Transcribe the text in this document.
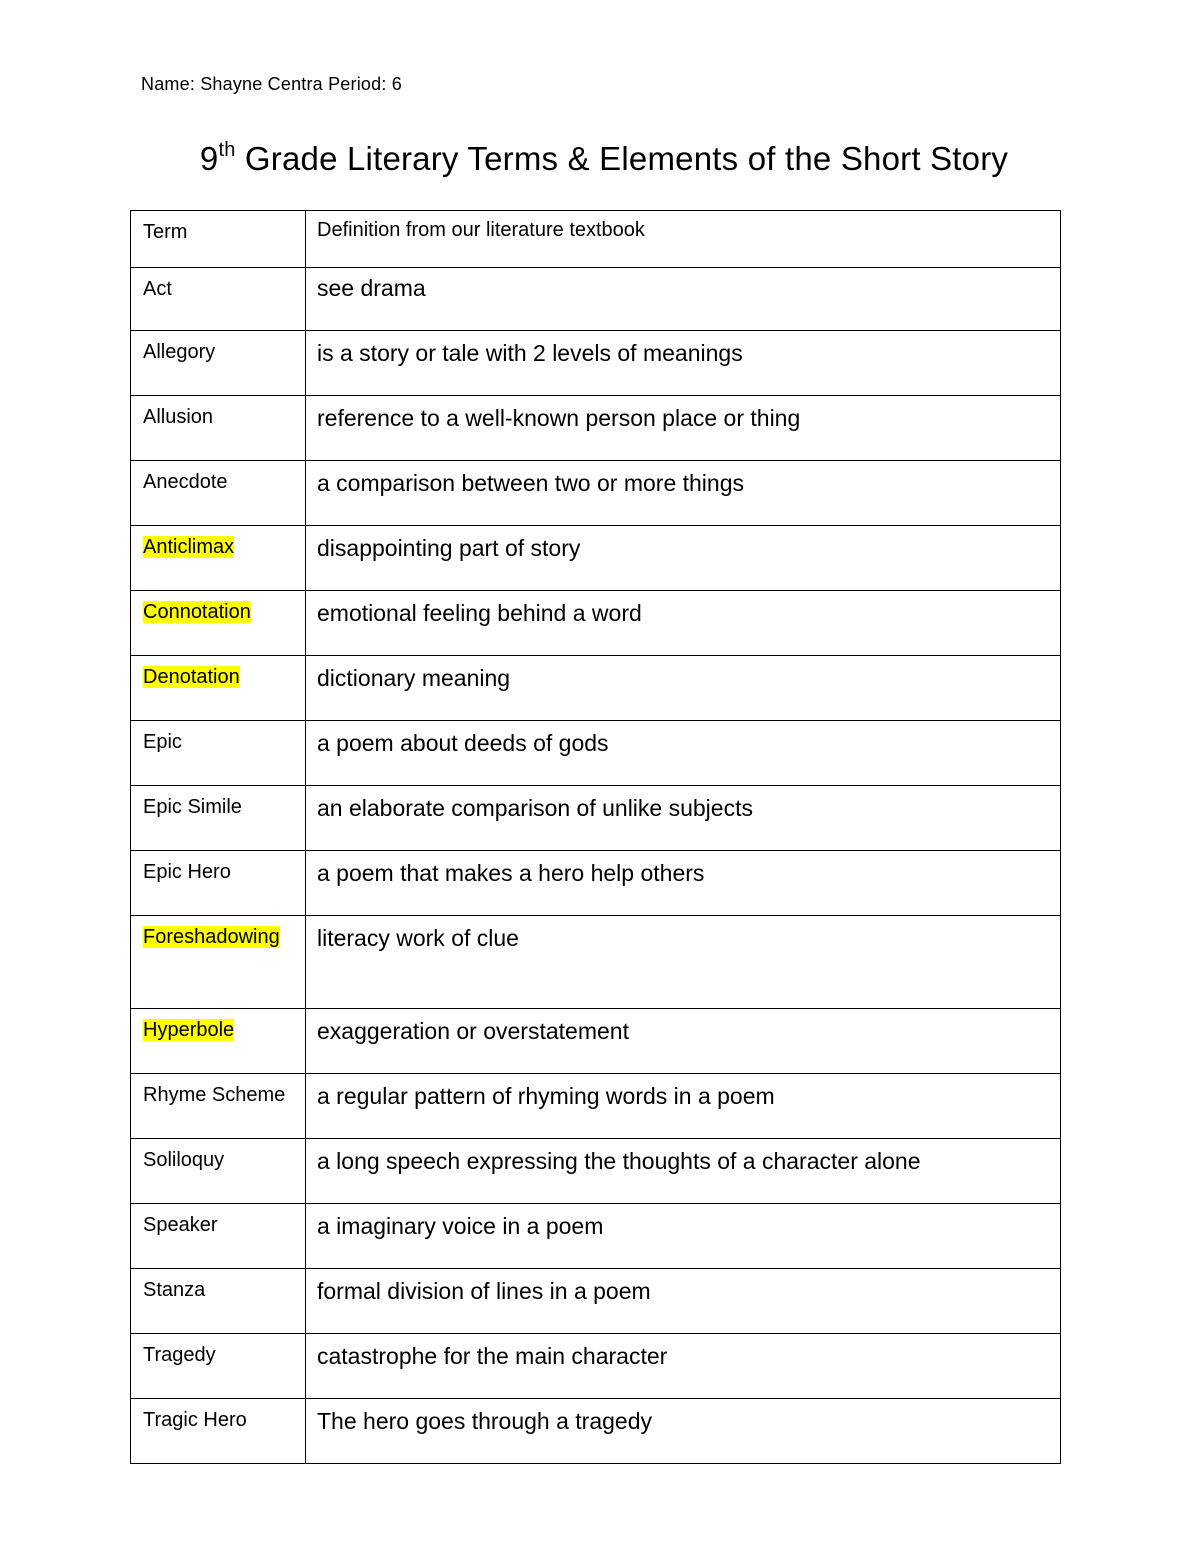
Name: Shayne Centra Period: 6
9th Grade Literary Terms & Elements of the Short Story
Term	Definition from our literature textbook
Act	see drama
Allegory	is a story or tale with 2 levels of meanings
Allusion	reference to a well-known person place or thing
Anecdote	a comparison between two or more things
Anticlimax	disappointing part of story
Connotation	emotional feeling behind a word
Denotation	dictionary meaning
Epic	a poem about deeds of gods
Epic Simile	an elaborate comparison of unlike subjects
Epic Hero	a poem that makes a hero help others
Foreshadowing	literacy work of clue
Hyperbole	exaggeration or overstatement
Rhyme Scheme	a regular pattern of rhyming words in a poem
Soliloquy	a long speech expressing the thoughts of a character alone
Speaker	a imaginary voice in a poem
Stanza	formal division of lines in a poem
Tragedy	catastrophe for the main character
Tragic Hero	The hero goes through a tragedy
